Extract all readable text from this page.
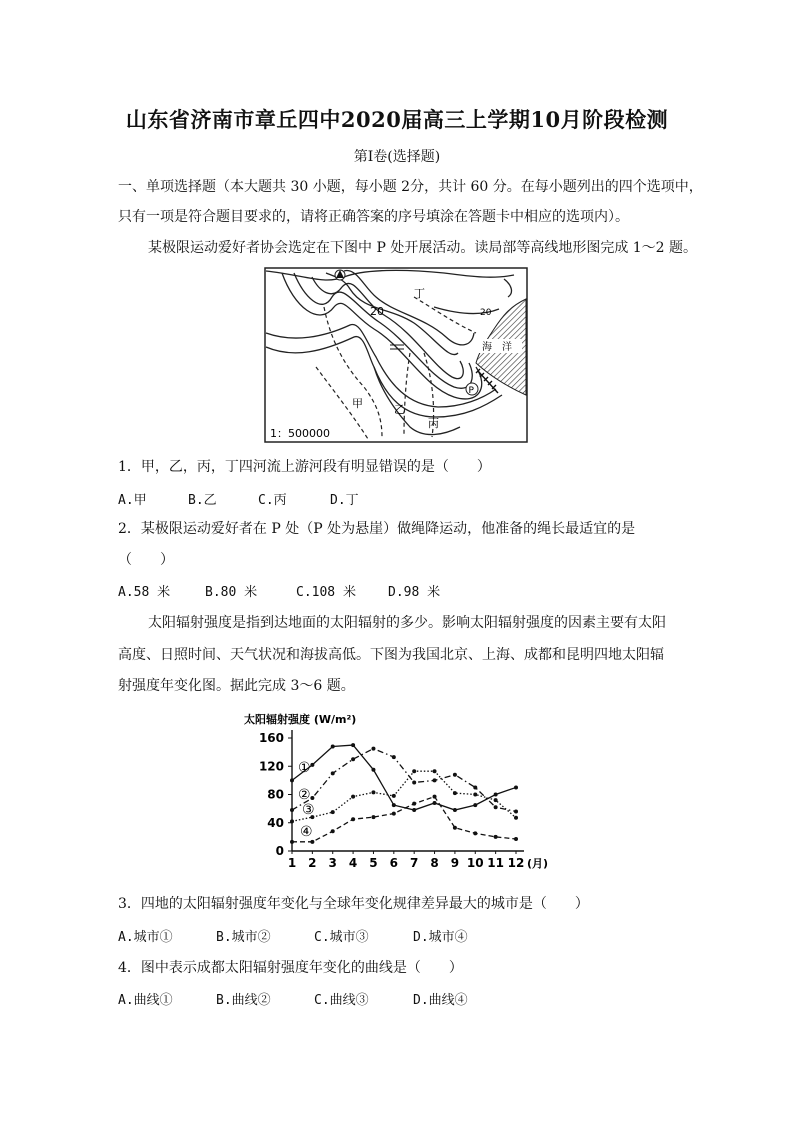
山东省济南市章丘四中2020届高三上学期10月阶段检测
第Ⅰ卷(选择题)
一、单项选择题（本大题共 30 小题，每小题 2分，共计 60 分。在每小题列出的四个选项中，
只有一项是符合题目要求的，请将正确答案的序号填涂在答题卡中相应的选项内）。
某极限运动爱好者协会选定在下图中 P 处开展活动。读局部等高线地形图完成 1～2 题。
海　洋
P
20	20
甲	乙
丙
丁
1：500000
1．甲，乙，丙，丁四河流上游河段有明显错误的是（　　）
A.甲	B.乙	C.丙	D.丁
2．某极限运动爱好者在 P 处（P 处为悬崖）做绳降运动，他准备的绳长最适宜的是
（　　）
A.58 米	B.80 米	C.108 米 D.98 米
太阳辐射强度是指到达地面的太阳辐射的多少。影响太阳辐射强度的因素主要有太阳
高度、日照时间、天气状况和海拔高低。下图为我国北京、上海、成都和昆明四地太阳辐
射强度年变化图。据此完成 3～6 题。
太阳辐射强度 (W/m²)
0
40
80
120
160
1 2 3 4 5 6 7 8 9 10 11 12
①
②
③
④
(月)
3．四地的太阳辐射强度年变化与全球年变化规律差异最大的城市是（　　）
A.城市①	B.城市②	C.城市③	D.城市④
4．图中表示成都太阳辐射强度年变化的曲线是（　　）
A.曲线①	B.曲线②	C.曲线③	D.曲线④
